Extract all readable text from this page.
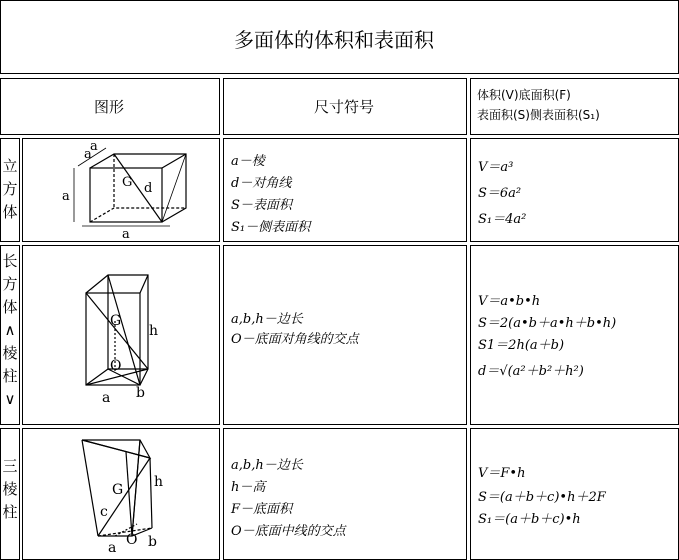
多面体的体积和表面积
图形	尺寸符号
体积(V)底面积(F)
表面积(S)侧表面积(S₁)
立
方
体
a
a
a
G d
a
a－棱
d－对角线
S－表面积
S₁－侧表面积
V＝a³
S＝6a²
S₁＝4a²
长
方
体
∧
棱
柱
∨
G
h
O
a b
a,b,h－边长
O－底面对角线的交点
V＝a•b•h
S＝2(a•b＋a•h＋b•h)
S1＝2h(a＋b)
d＝√(a²＋b²＋h²)
三
棱
柱
G h
c
a O b
a,b,h－边长
h－高
F－底面积
O－底面中线的交点
V＝F•h
S＝(a＋b＋c)•h＋2F
S₁＝(a＋b＋c)•h
